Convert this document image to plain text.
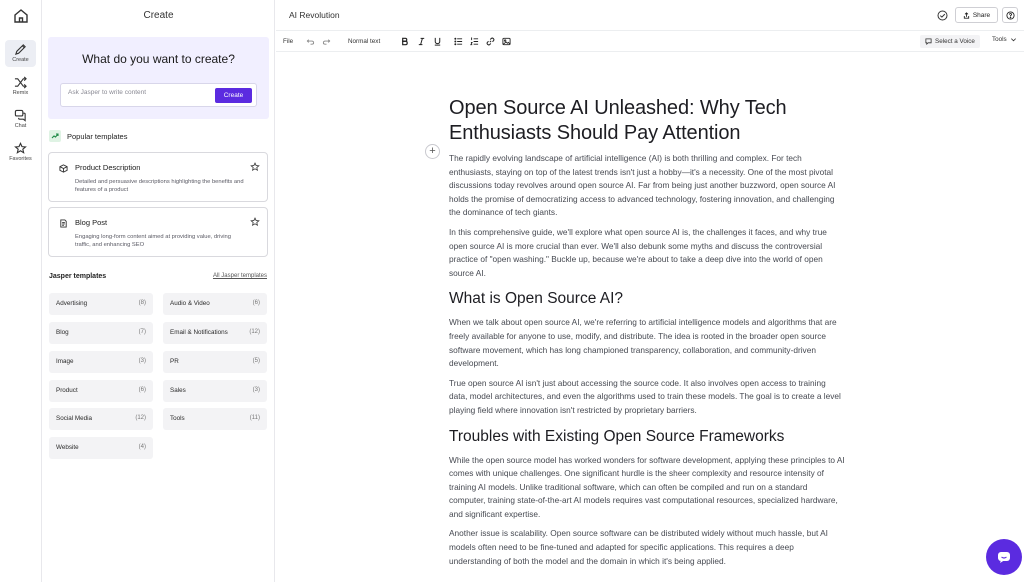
Create
Remix
Chat
Favorites
Create
What do you want to create?
Ask Jasper to write content
Create
Popular templates
Product Description
Detailed and persuasive descriptions highlighting the benefits and features of a product
Blog Post
Engaging long-form content aimed at providing value, driving traffic, and enhancing SEO
Jasper templates	All Jasper templates
Advertising	(8)	Audio & Video	(6)
Blog	(7)	Email & Notifications	(12)
Image	(3)	PR	(5)
Product	(6)	Sales	(3)
Social Media	(12)	Tools	(11)
Website	(4)
AI Revolution	Share
File	Normal text	Select a Voice	Tools
+
Open Source AI Unleashed: Why Tech Enthusiasts Should Pay Attention

The rapidly evolving landscape of artificial intelligence (AI) is both thrilling and complex. For tech enthusiasts, staying on top of the latest trends isn't just a hobby—it's a necessity. One of the most pivotal discussions today revolves around open source AI. Far from being just another buzzword, open source AI holds the promise of democratizing access to advanced technology, fostering innovation, and challenging the dominance of tech giants.

In this comprehensive guide, we'll explore what open source AI is, the challenges it faces, and why true open source AI is more crucial than ever. We'll also debunk some myths and discuss the controversial practice of "open washing." Buckle up, because we're about to take a deep dive into the world of open source AI.

What is Open Source AI?

When we talk about open source AI, we're referring to artificial intelligence models and algorithms that are freely available for anyone to use, modify, and distribute. The idea is rooted in the broader open source software movement, which has long championed transparency, collaboration, and community-driven development.

True open source AI isn't just about accessing the source code. It also involves open access to training data, model architectures, and even the algorithms used to train these models. The goal is to create a level playing field where innovation isn't restricted by proprietary barriers.

Troubles with Existing Open Source Frameworks

While the open source model has worked wonders for software development, applying these principles to AI comes with unique challenges. One significant hurdle is the sheer complexity and resource intensity of training AI models. Unlike traditional software, which can often be compiled and run on a standard computer, training state-of-the-art AI models requires vast computational resources, specialized hardware, and significant expertise.

Another issue is scalability. Open source software can be distributed widely without much hassle, but AI models often need to be fine-tuned and adapted for specific applications. This requires a deep understanding of both the model and the domain in which it's being applied.
